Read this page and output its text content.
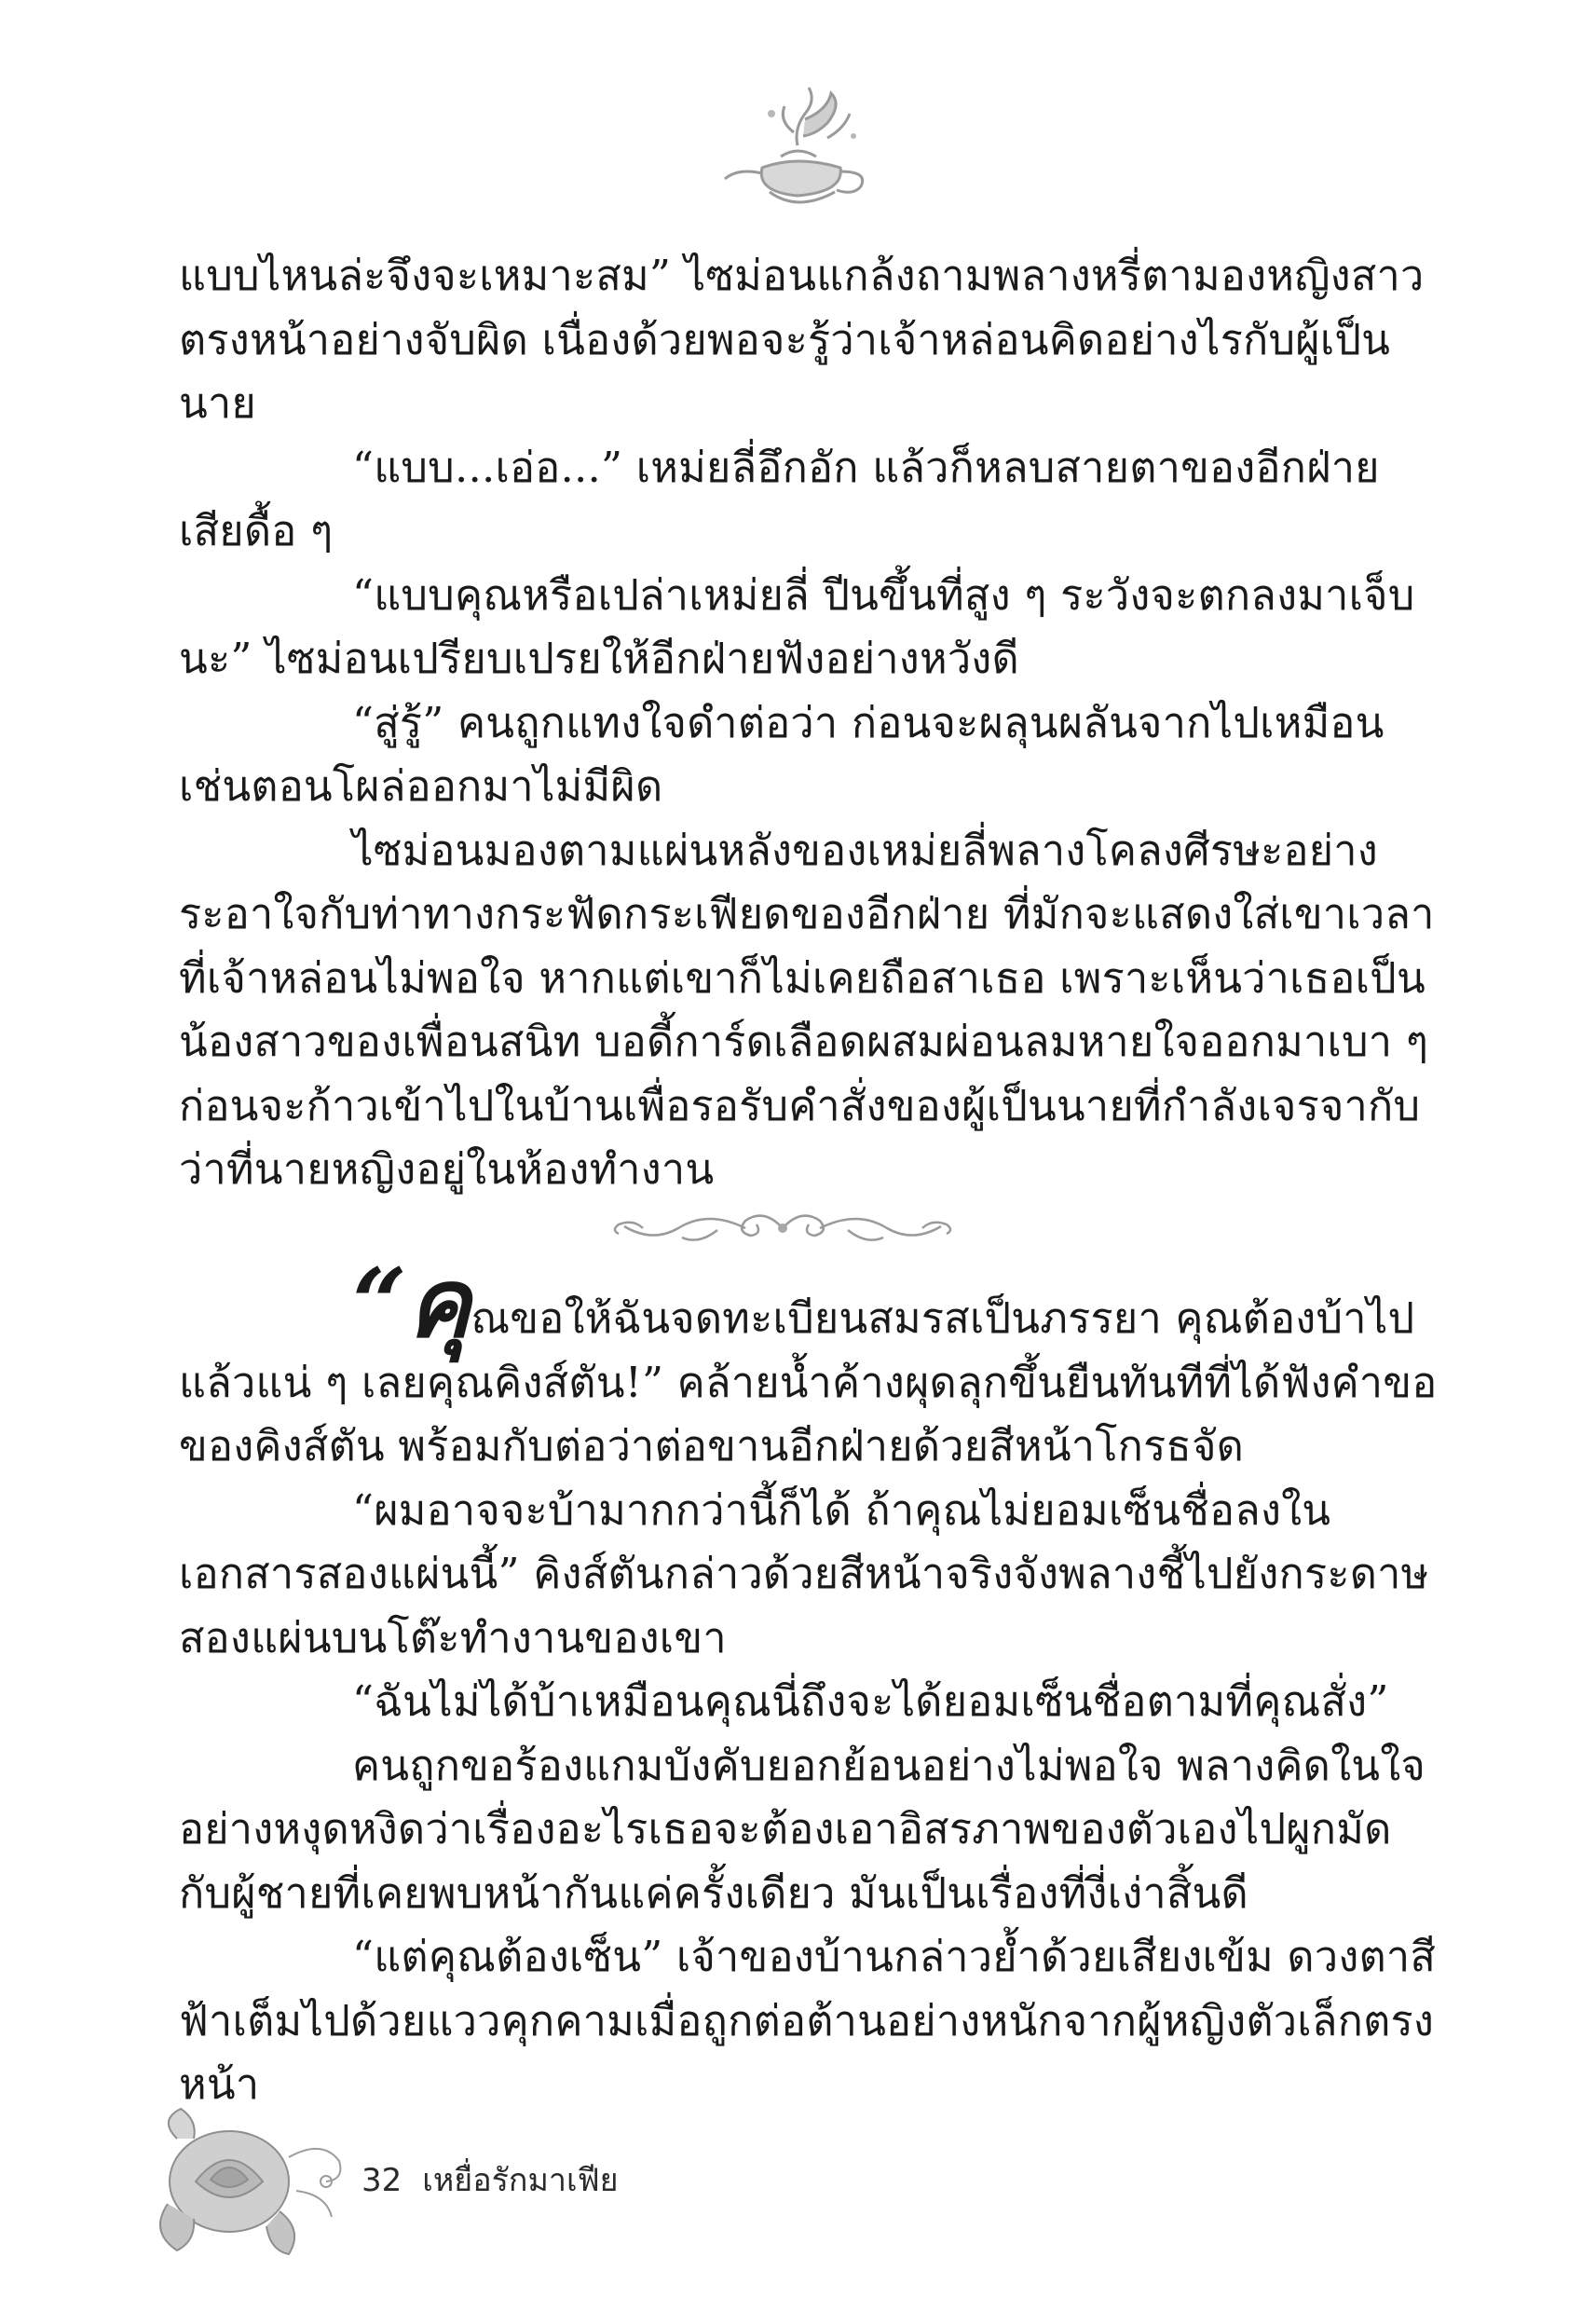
แบบไหนล่ะจึงจะเหมาะสม” ไซม่อนแกล้งถามพลางหรี่ตามองหญิงสาวตรงหน้าอย่างจับผิด เนื่องด้วยพอจะรู้ว่าเจ้าหล่อนคิดอย่างไรกับผู้เป็นนาย

“แบบ...เอ่อ...” เหม่ยลี่อึกอัก แล้วก็หลบสายตาของอีกฝ่ายเสียดื้อ ๆ

“แบบคุณหรือเปล่าเหม่ยลี่ ปีนขึ้นที่สูง ๆ ระวังจะตกลงมาเจ็บนะ” ไซม่อนเปรียบเปรยให้อีกฝ่ายฟังอย่างหวังดี

“สู่รู้” คนถูกแทงใจดำต่อว่า ก่อนจะผลุนผลันจากไปเหมือนเช่นตอนโผล่ออกมาไม่มีผิด

ไซม่อนมองตามแผ่นหลังของเหม่ยลี่พลางโคลงศีรษะอย่างระอาใจกับท่าทางกระฟัดกระเฟียดของอีกฝ่าย ที่มักจะแสดงใส่เขาเวลาที่เจ้าหล่อนไม่พอใจ หากแต่เขาก็ไม่เคยถือสาเธอ เพราะเห็นว่าเธอเป็นน้องสาวของเพื่อนสนิท บอดี้การ์ดเลือดผสมผ่อนลมหายใจออกมาเบา ๆ ก่อนจะก้าวเข้าไปในบ้านเพื่อรอรับคำสั่งของผู้เป็นนายที่กำลังเจรจากับว่าที่นายหญิงอยู่ในห้องทำงาน

“คุณขอให้ฉันจดทะเบียนสมรสเป็นภรรยา คุณต้องบ้าไปแล้วแน่ ๆ เลยคุณคิงส์ตัน!” คล้ายน้ำค้างผุดลุกขึ้นยืนทันทีที่ได้ฟังคำขอของคิงส์ตัน พร้อมกับต่อว่าต่อขานอีกฝ่ายด้วยสีหน้าโกรธจัด

“ผมอาจจะบ้ามากกว่านี้ก็ได้ ถ้าคุณไม่ยอมเซ็นชื่อลงในเอกสารสองแผ่นนี้” คิงส์ตันกล่าวด้วยสีหน้าจริงจังพลางชี้ไปยังกระดาษสองแผ่นบนโต๊ะทำงานของเขา

“ฉันไม่ได้บ้าเหมือนคุณนี่ถึงจะได้ยอมเซ็นชื่อตามที่คุณสั่ง”

คนถูกขอร้องแกมบังคับยอกย้อนอย่างไม่พอใจ พลางคิดในใจอย่างหงุดหงิดว่าเรื่องอะไรเธอจะต้องเอาอิสรภาพของตัวเองไปผูกมัดกับผู้ชายที่เคยพบหน้ากันแค่ครั้งเดียว มันเป็นเรื่องที่งี่เง่าสิ้นดี

“แต่คุณต้องเซ็น” เจ้าของบ้านกล่าวย้ำด้วยเสียงเข้ม ดวงตาสีฟ้าเต็มไปด้วยแววคุกคามเมื่อถูกต่อต้านอย่างหนักจากผู้หญิงตัวเล็กตรงหน้า

32 เหยื่อรักมาเฟีย
